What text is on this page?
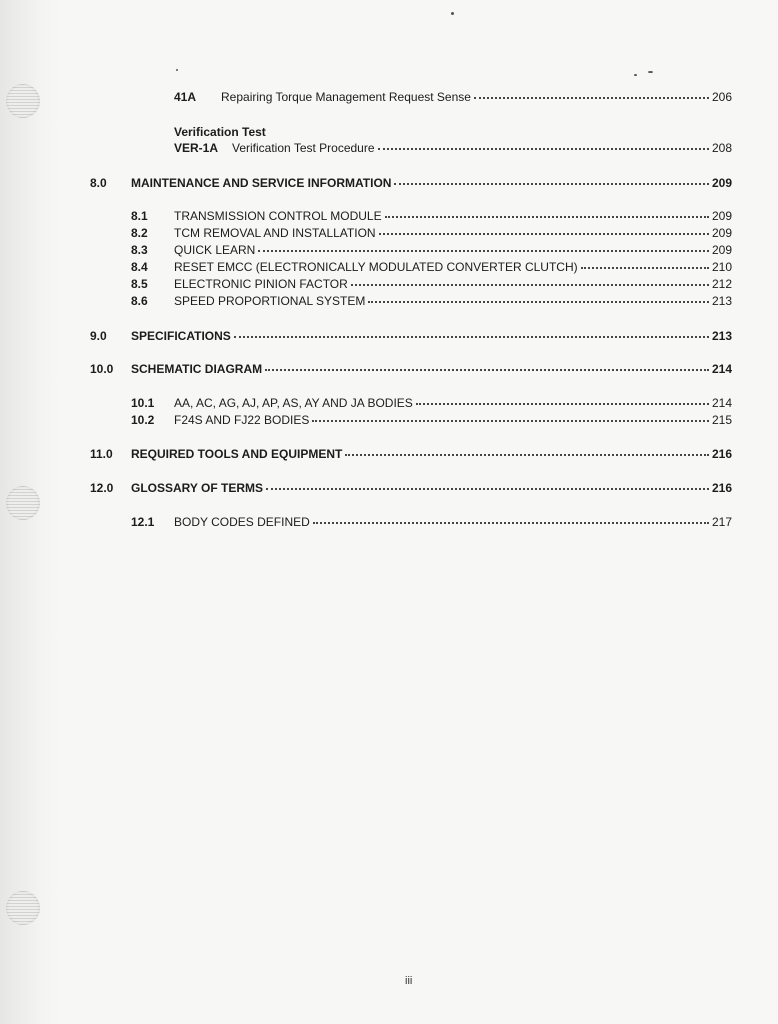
41A	Repairing Torque Management Request Sense	206
Verification Test
VER-1A	Verification Test Procedure	208
8.0	MAINTENANCE AND SERVICE INFORMATION	209
8.1	TRANSMISSION CONTROL MODULE	209
8.2	TCM REMOVAL AND INSTALLATION	209
8.3	QUICK LEARN	209
8.4	RESET EMCC (ELECTRONICALLY MODULATED CONVERTER CLUTCH)	210
8.5	ELECTRONIC PINION FACTOR	212
8.6	SPEED PROPORTIONAL SYSTEM	213
9.0	SPECIFICATIONS	213
10.0	SCHEMATIC DIAGRAM	214
10.1	AA, AC, AG, AJ, AP, AS, AY AND JA BODIES	214
10.2	F24S AND FJ22 BODIES	215
11.0	REQUIRED TOOLS AND EQUIPMENT	216
12.0	GLOSSARY OF TERMS	216
12.1	BODY CODES DEFINED	217
iii
